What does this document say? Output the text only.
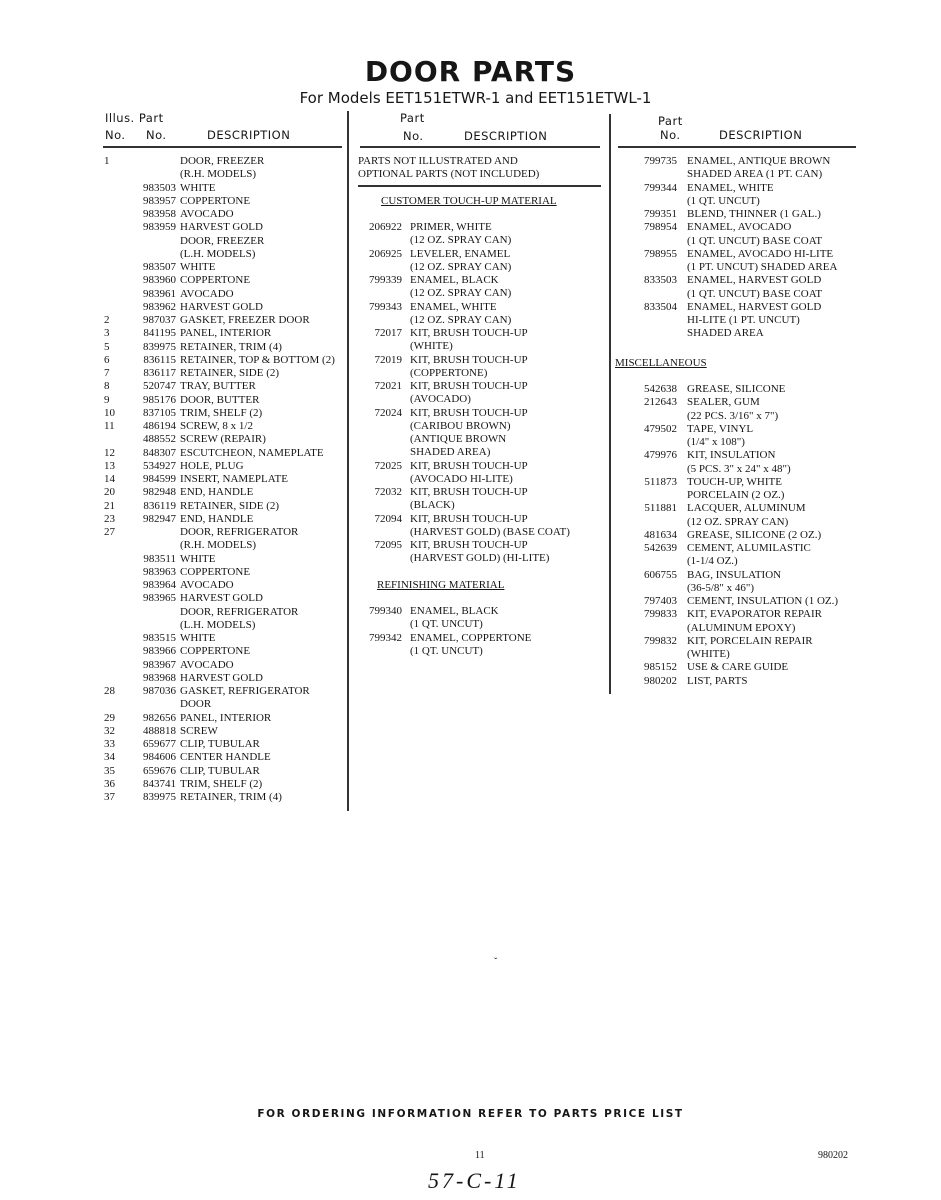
DOOR PARTS
For Models EET151ETWR-1 and EET151ETWL-1
Illus. Part
No. No.	DESCRIPTION
Part
No.	DESCRIPTION
Part
No.	DESCRIPTION
1	DOOR, FREEZER
(R.H. MODELS)
983503 WHITE
983957 COPPERTONE
983958 AVOCADO
983959 HARVEST GOLD
DOOR, FREEZER
(L.H. MODELS)
983507 WHITE
983960 COPPERTONE
983961 AVOCADO
983962 HARVEST GOLD
2	987037 GASKET, FREEZER DOOR
3	841195 PANEL, INTERIOR
5	839975 RETAINER, TRIM (4)
6	836115 RETAINER, TOP & BOTTOM (2)
7	836117 RETAINER, SIDE (2)
8	520747 TRAY, BUTTER
9	985176 DOOR, BUTTER
10	837105 TRIM, SHELF (2)
11	486194 SCREW, 8 x 1/2
488552 SCREW (REPAIR)
12	848307 ESCUTCHEON, NAMEPLATE
13	534927 HOLE, PLUG
14	984599 INSERT, NAMEPLATE
20	982948 END, HANDLE
21	836119 RETAINER, SIDE (2)
23	982947 END, HANDLE
27	DOOR, REFRIGERATOR
(R.H. MODELS)
983511 WHITE
983963 COPPERTONE
983964 AVOCADO
983965 HARVEST GOLD
DOOR, REFRIGERATOR
(L.H. MODELS)
983515 WHITE
983966 COPPERTONE
983967 AVOCADO
983968 HARVEST GOLD
28	987036 GASKET, REFRIGERATOR
DOOR
29	982656 PANEL, INTERIOR
32	488818 SCREW
33	659677 CLIP, TUBULAR
34	984606 CENTER HANDLE
35	659676 CLIP, TUBULAR
36	843741 TRIM, SHELF (2)
37	839975 RETAINER, TRIM (4)
PARTS NOT ILLUSTRATED AND
OPTIONAL PARTS (NOT INCLUDED)
CUSTOMER TOUCH-UP MATERIAL
206922 PRIMER, WHITE
(12 OZ. SPRAY CAN)
206925 LEVELER, ENAMEL
(12 OZ. SPRAY CAN)
799339 ENAMEL, BLACK
(12 OZ. SPRAY CAN)
799343 ENAMEL, WHITE
(12 OZ. SPRAY CAN)
72017 KIT, BRUSH TOUCH-UP
(WHITE)
72019 KIT, BRUSH TOUCH-UP
(COPPERTONE)
72021 KIT, BRUSH TOUCH-UP
(AVOCADO)
72024 KIT, BRUSH TOUCH-UP
(CARIBOU BROWN)
(ANTIQUE BROWN
SHADED AREA)
72025 KIT, BRUSH TOUCH-UP
(AVOCADO HI-LITE)
72032 KIT, BRUSH TOUCH-UP
(BLACK)
72094 KIT, BRUSH TOUCH-UP
(HARVEST GOLD) (BASE COAT)
72095 KIT, BRUSH TOUCH-UP
(HARVEST GOLD) (HI-LITE)
REFINISHING MATERIAL
799340 ENAMEL, BLACK
(1 QT. UNCUT)
799342 ENAMEL, COPPERTONE
(1 QT. UNCUT)
799735 ENAMEL, ANTIQUE BROWN
SHADED AREA (1 PT. CAN)
799344 ENAMEL, WHITE
(1 QT. UNCUT)
799351 BLEND, THINNER (1 GAL.)
798954 ENAMEL, AVOCADO
(1 QT. UNCUT) BASE COAT
798955 ENAMEL, AVOCADO HI-LITE
(1 PT. UNCUT) SHADED AREA
833503 ENAMEL, HARVEST GOLD
(1 QT. UNCUT) BASE COAT
833504 ENAMEL, HARVEST GOLD
HI-LITE (1 PT. UNCUT)
SHADED AREA
MISCELLANEOUS
542638 GREASE, SILICONE
212643 SEALER, GUM
(22 PCS. 3/16" x 7")
479502 TAPE, VINYL
(1/4" x 108")
479976 KIT, INSULATION
(5 PCS. 3" x 24" x 48")
511873 TOUCH-UP, WHITE
PORCELAIN (2 OZ.)
511881 LACQUER, ALUMINUM
(12 OZ. SPRAY CAN)
481634 GREASE, SILICONE (2 OZ.)
542639 CEMENT, ALUMILASTIC
(1-1/4 OZ.)
606755 BAG, INSULATION
(36-5/8" x 46")
797403 CEMENT, INSULATION (1 OZ.)
799833 KIT, EVAPORATOR REPAIR
(ALUMINUM EPOXY)
799832 KIT, PORCELAIN REPAIR
(WHITE)
985152 USE & CARE GUIDE
980202 LIST, PARTS
FOR ORDERING INFORMATION REFER TO PARTS PRICE LIST
11	980202
57-C-11
ˇ
